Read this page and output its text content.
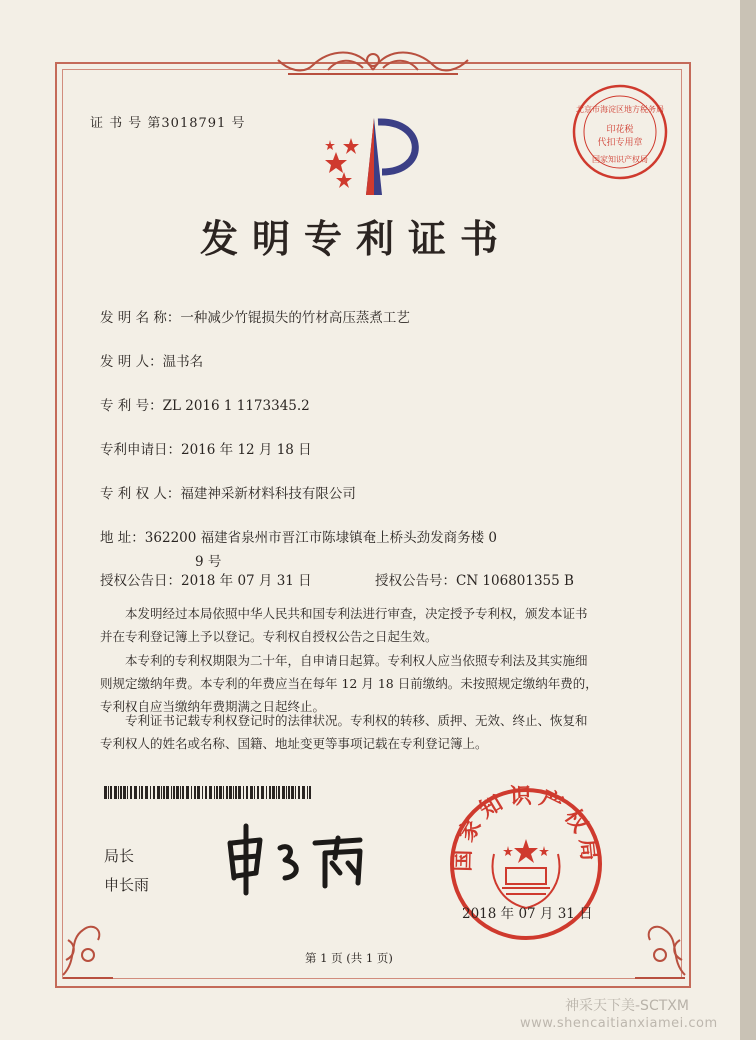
证 书 号 第3018791 号
北京市海淀区地方税务局
印花税
代扣专用章
国家知识产权局
发明专利证书
发 明 名 称：一种减少竹锟损失的竹材高压蒸煮工艺
发 明 人：温书名
专 利 号：ZL 2016 1 1173345.2
专利申请日：2016 年 12 月 18 日
专 利 权 人：福建神采新材料科技有限公司
地 址：362200 福建省泉州市晋江市陈埭镇奄上桥头劲发商务楼 0
9 号
授权公告日：2018 年 07 月 31 日	授权公告号：CN 106801355 B
本发明经过本局依照中华人民共和国专利法进行审查，决定授予专利权，颁发本证书
并在专利登记簿上予以登记。专利权自授权公告之日起生效。
本专利的专利权期限为二十年，自申请日起算。专利权人应当依照专利法及其实施细
则规定缴纳年费。本专利的年费应当在每年 12 月 18 日前缴纳。未按照规定缴纳年费的，
专利权自应当缴纳年费期满之日起终止。
专利证书记载专利权登记时的法律状况。专利权的转移、质押、无效、终止、恢复和
专利权人的姓名或名称、国籍、地址变更等事项记载在专利登记簿上。
局长
申长雨
国家知识产权局
2018 年 07 月 31 日
第 1 页 (共 1 页)
神采天下美-SCTXM
www.shencaitianxiamei.com
